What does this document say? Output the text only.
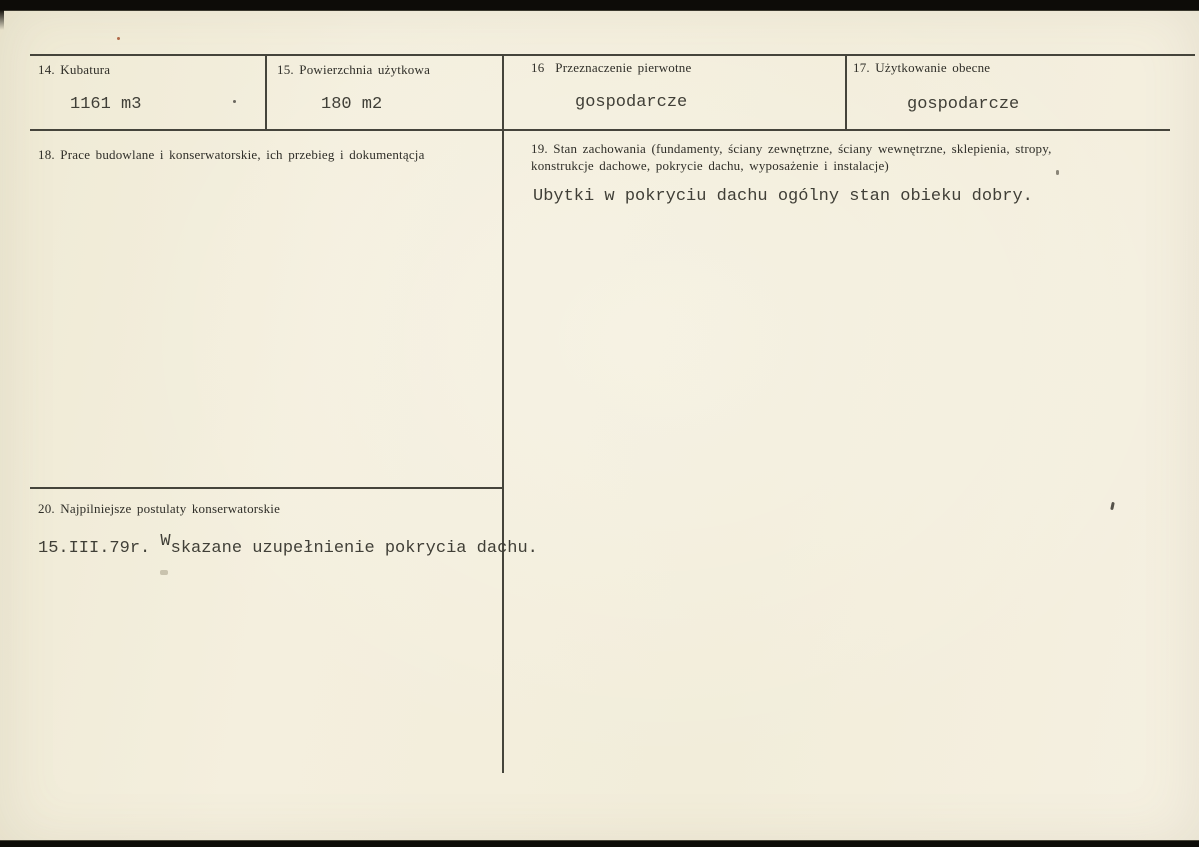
14. Kubatura
1161 m3
15. Powierzchnia użytkowa
180 m2
16  Przeznaczenie pierwotne
gospodarcze
17. Użytkowanie obecne
gospodarcze
18. Prace budowlane i konserwatorskie, ich przebieg i dokumentącja	19. Stan zachowania (fundamenty, ściany zewnętrzne, ściany wewnętrzne, sklepienia, stropy,
konstrukcje dachowe, pokrycie dachu, wyposażenie i instalacje)
Ubytki w pokryciu dachu ogólny stan obieku dobry.
20. Najpilniejsze postulaty konserwatorskie
15.III.79r. Wskazane uzupełnienie pokrycia dachu.
